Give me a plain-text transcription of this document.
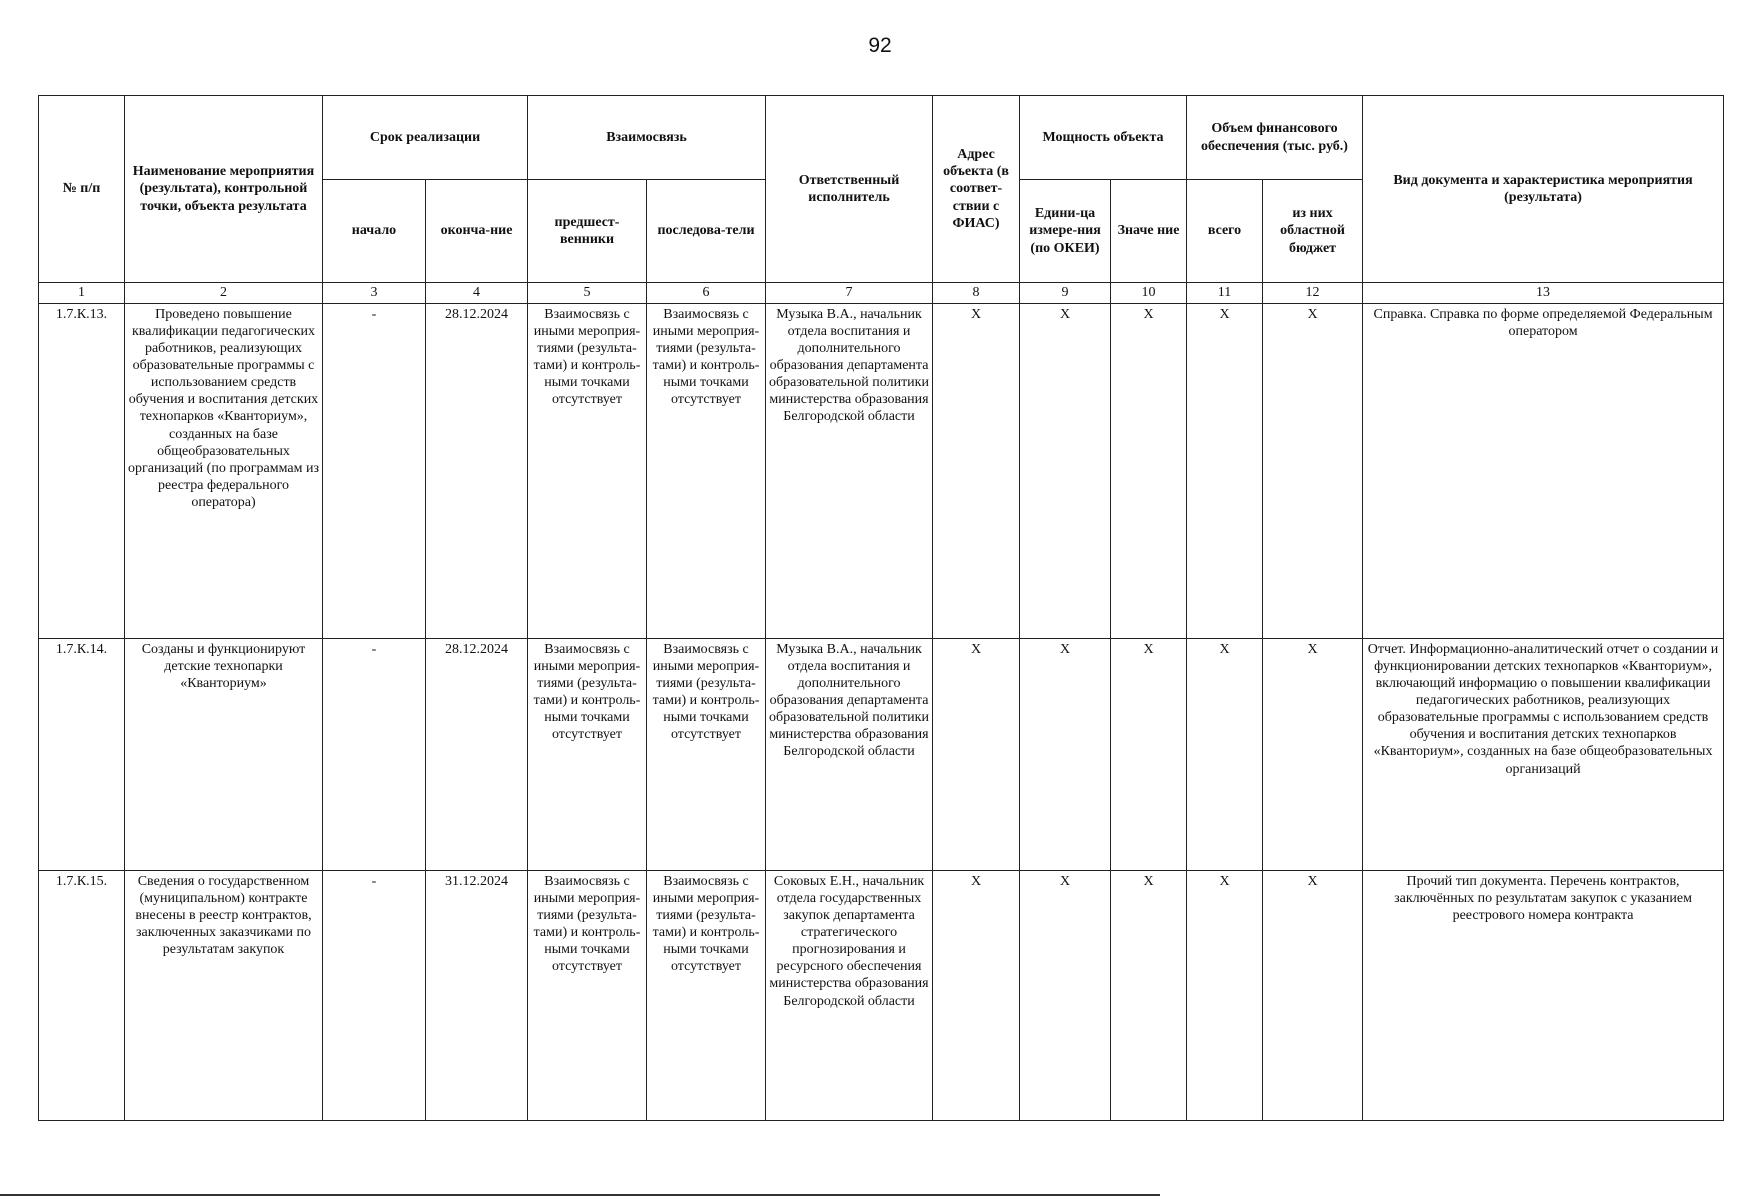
92
№ п/п	Наименование мероприятия (результата), контрольной точки, объекта результата	Срок реализации		Взаимосвязь		Ответственный исполнитель	Адрес объекта (в соответ-ствии с ФИАС)	Мощность объекта		Объем финансового обеспечения (тыс. руб.)		Вид документа и характеристика мероприятия (результата)
		начало	оконча-ние	предшест-венники	последова-тели			Едини-ца измере-ния (по ОКЕИ)	Значе ние	всего	из них областной бюджет	
1	2	3	4	5	6	7	8	9	10	11	12	13
1.7.К.13.	Проведено повышение квалификации педагогических работников, реализующих образовательные программы с использованием средств обучения и воспитания детских технопарков «Кванториум», созданных на базе общеобразовательных организаций (по программам из реестра федерального оператора)	-	28.12.2024	Взаимосвязь с иными мероприя-тиями (результа-тами) и контроль-ными точками отсутствует	Взаимосвязь с иными мероприя-тиями (результа-тами) и контроль-ными точками отсутствует	Музыка В.А., начальник отдела воспитания и дополнительного образования департамента образовательной политики министерства образования Белгородской области	Х	Х	Х	Х	Х	Справка. Справка по форме определяемой Федеральным оператором
1.7.К.14.	Созданы и функционируют детские технопарки «Кванториум»	-	28.12.2024	Взаимосвязь с иными мероприя-тиями (результа-тами) и контроль-ными точками отсутствует	Взаимосвязь с иными мероприя-тиями (результа-тами) и контроль-ными точками отсутствует	Музыка В.А., начальник отдела воспитания и дополнительного образования департамента образовательной политики министерства образования Белгородской области	Х	Х	Х	Х	Х	Отчет. Информационно-аналитический отчет о создании и функционировании детских технопарков «Кванториум», включающий информацию о повышении квалификации педагогических работников, реализующих образовательные программы с использованием средств обучения и воспитания детских технопарков «Кванториум», созданных на базе общеобразовательных организаций
1.7.К.15.	Сведения о государственном (муниципальном) контракте внесены в реестр контрактов, заключенных заказчиками по результатам закупок	-	31.12.2024	Взаимосвязь с иными мероприя-тиями (результа-тами) и контроль-ными точками отсутствует	Взаимосвязь с иными мероприя-тиями (результа-тами) и контроль-ными точками отсутствует	Соковых Е.Н., начальник отдела государственных закупок департамента стратегического прогнозирования и ресурсного обеспечения министерства образования Белгородской области	Х	Х	Х	Х	Х	Прочий тип документа. Перечень контрактов, заключённых по результатам закупок с указанием реестрового номера контракта
